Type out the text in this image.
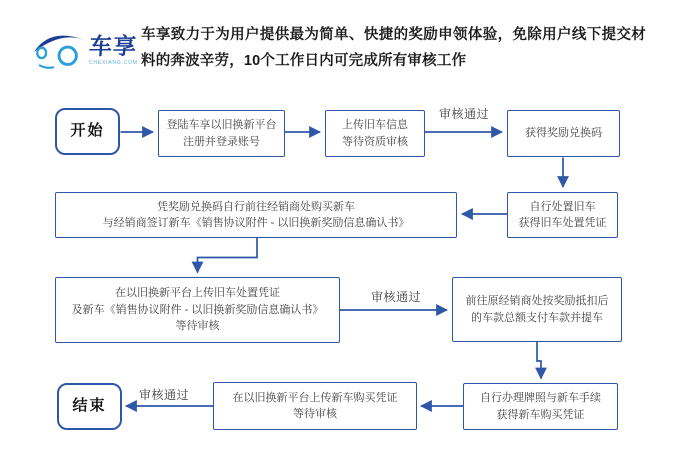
车享
CHEXIANG.COM
车享致力于为用户提供最为简单、快捷的奖励申领体验，免除用户线下提交材料的奔波辛劳，10个工作日内可完成所有审核工作
审核通过
审核通过
审核通过
开始	登陆车享以旧换新平台
注册并登录账号
上传旧车信息
等待资质审核
获得奖励兑换码
凭奖励兑换码自行前往经销商处购买新车
与经销商签订新车《销售协议附件 - 以旧换新奖励信息确认书》
自行处置旧车
获得旧车处置凭证
在以旧换新平台上传旧车处置凭证
及新车《销售协议附件 - 以旧换新奖励信息确认书》
等待审核
前往原经销商处按奖励抵扣后
的车款总额支付车款并提车
自行办理牌照与新车手续
获得新车购买凭证
在以旧换新平台上传新车购买凭证
等待审核
结束
